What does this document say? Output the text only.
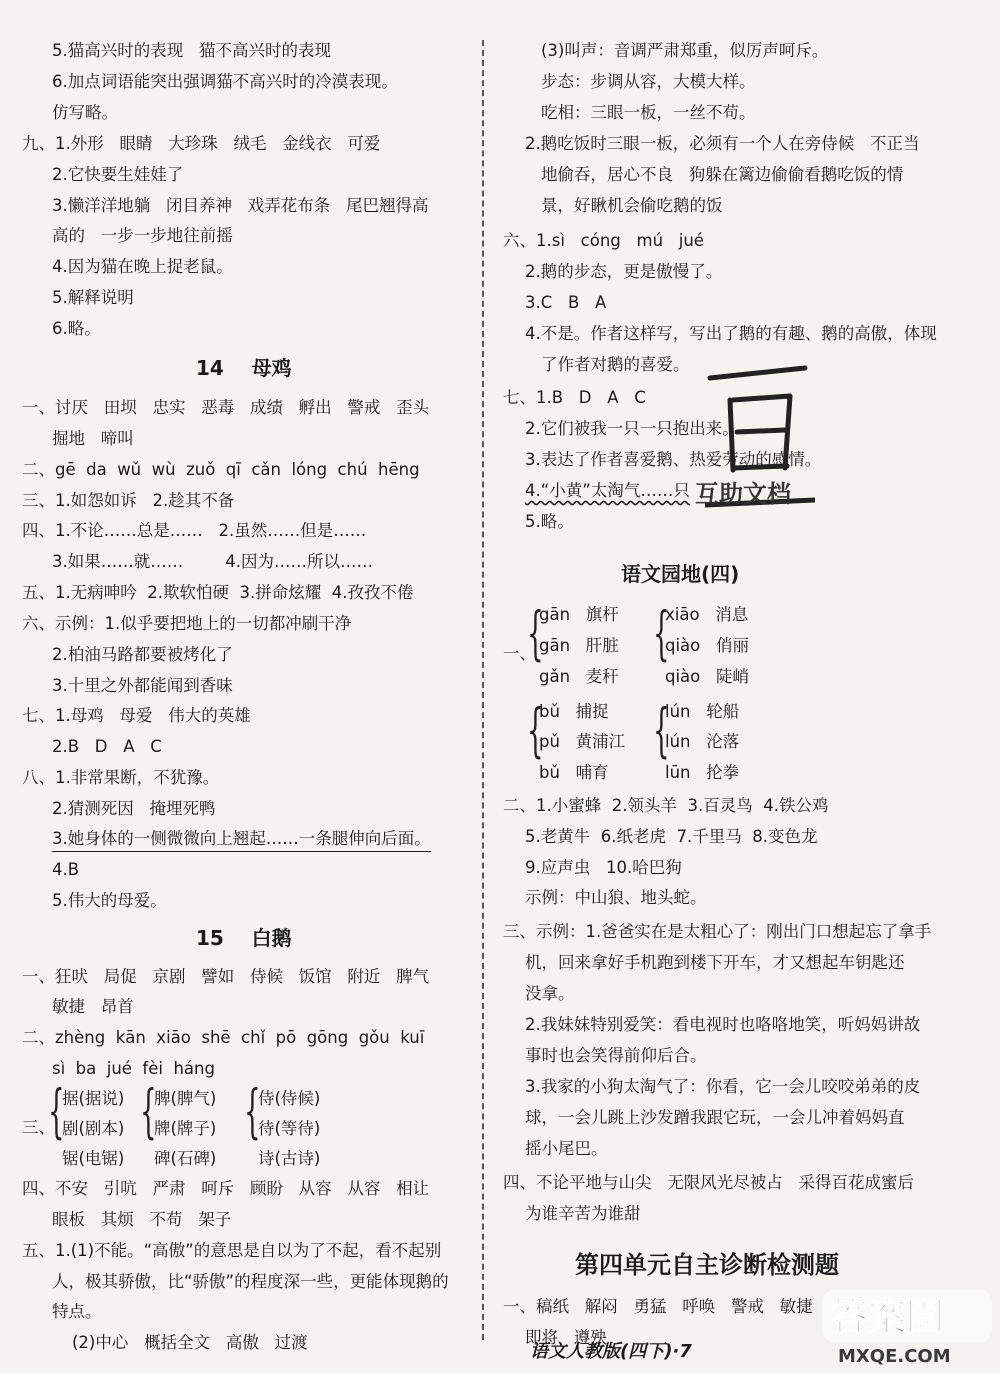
5.猫高兴时的表现   猫不高兴时的表现
6.加点词语能突出强调猫不高兴时的冷漠表现。
仿写略。
九、1.外形   眼睛   大珍珠   绒毛   金线衣   可爱
2.它快要生娃娃了
3.懒洋洋地躺   闭目养神   戏弄花布条   尾巴翘得高
高的   一步一步地往前摇
4.因为猫在晚上捉老鼠。
5.解释说明
6.略。
14    母鸡
一、讨厌   田坝   忠实   恶毒   成绩   孵出   警戒   歪头
掘地   啼叫
二、gē  da  wǔ  wù  zuǒ  qī  cǎn  lóng  chú  hēng
三、1.如怨如诉   2.趁其不备
四、1.不论……总是……   2.虽然……但是……
3.如果……就……        4.因为……所以……
五、1.无病呻吟  2.欺软怕硬  3.拼命炫耀  4.孜孜不倦
六、示例：1.似乎要把地上的一切都冲刷干净
2.柏油马路都要被烤化了
3.十里之外都能闻到香味
七、1.母鸡   母爱   伟大的英雄
2.B   D   A   C
八、1.非常果断，不犹豫。
2.猜测死因   掩埋死鸭
3.她身体的一侧微微向上翘起……一条腿伸向后面。
4.B
5.伟大的母爱。
15    白鹅
一、狂吠   局促   京剧   譬如   侍候   饭馆   附近   脾气
敏捷   昂首
二、zhèng  kān  xiāo  shē  chǐ  pō  gōng  gǒu  kuī
sì  ba  jué  fèi  háng
三、
{
据(据说)
剧(剧本)
锯(电锯)
{
脾(脾气)
牌(牌子)
碑(石碑)
{
侍(侍候)
待(等待)
诗(古诗)
四、不安   引吭   严肃   呵斥   顾盼   从容   从容   相让
眼板   其烦   不苟   架子
五、1.(1)不能。“高傲”的意思是自以为了不起，看不起别
人，极其骄傲，比“骄傲”的程度深一些，更能体现鹅的
特点。
(2)中心   概括全文   高傲   过渡
(3)叫声：音调严肃郑重，似厉声呵斥。
步态：步调从容，大模大样。
吃相：三眼一板，一丝不苟。
2.鹅吃饭时三眼一板，必须有一个人在旁侍候   不正当
地偷吞，居心不良   狗躲在篱边偷偷看鹅吃饭的情
景，好瞅机会偷吃鹅的饭
六、1.sì   cóng   mú   jué
2.鹅的步态，更是傲慢了。
3.C   B   A
4.不是。作者这样写，写出了鹅的有趣、鹅的高傲，体现
了作者对鹅的喜爱。
七、1.B   D   A   C
2.它们被我一只一只抱出来。
3.表达了作者喜爱鹅、热爱劳动的感情。
4.“小黄”太淘气……只
5.略。
语文园地(四)
一、
{
gān   旗杆
gān   肝脏
gǎn   麦秆
{
xiāo   消息
qiào   俏丽
qiào   陡峭
{
bǔ   捕捉
pǔ   黄浦江
bǔ   哺育
{
lún   轮船
lún   沦落
lūn   抡拳
二、1.小蜜蜂  2.领头羊  3.百灵鸟  4.铁公鸡
5.老黄牛  6.纸老虎  7.千里马  8.变色龙
9.应声虫   10.哈巴狗
示例：中山狼、地头蛇。
三、示例：1.爸爸实在是太粗心了：刚出门口想起忘了拿手
机，回来拿好手机跑到楼下开车，才又想起车钥匙还
没拿。
2.我妹妹特别爱笑：看电视时也咯咯地笑，听妈妈讲故
事时也会笑得前仰后合。
3.我家的小狗太淘气了：你看，它一会儿咬咬弟弟的皮
球，一会儿跳上沙发蹭我跟它玩，一会儿冲着妈妈直
摇小尾巴。
四、不论平地与山尖   无限风光尽被占   采得百花成蜜后
为谁辛苦为谁甜
第四单元自主诊断检测题
一、稿纸   解闷   勇猛   呼唤   警戒   敏捷
即将   遵殃
互助文档
答案圈
MXQE.COM
语文人教版(四下)·7
